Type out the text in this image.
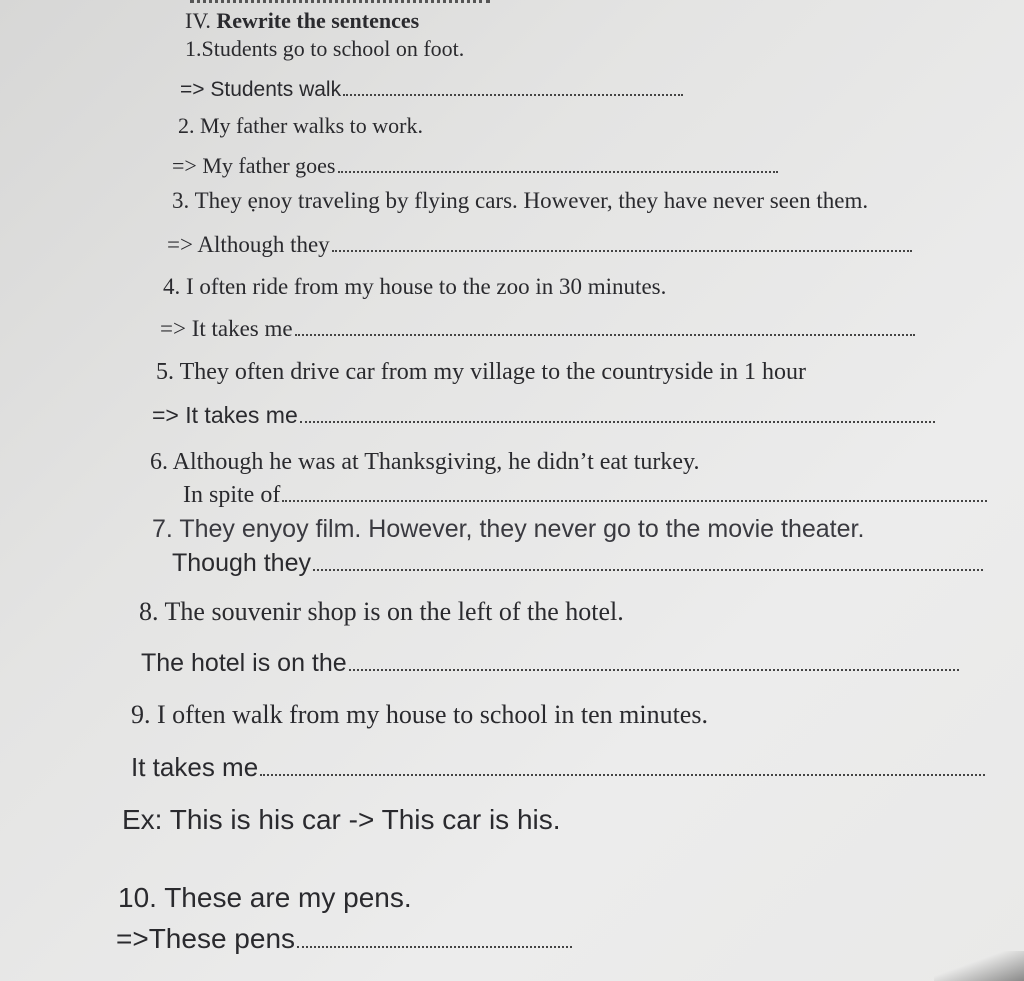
IV. Rewrite the sentences
1.Students go to school on foot.
=> Students walk
2. My father walks to work.
=> My father goes
3. They ẹnoy traveling by flying cars. However, they have never seen them.
=> Although they
4. I often ride from my house to the zoo in 30 minutes.
=> It takes me
5. They often drive car from my village to the countryside in 1 hour
=> It takes me
6. Although he was at Thanksgiving, he didn’t eat turkey.
In spite of
7. They enyoy film. However, they never go to the movie theater.
Though they
8. The souvenir shop is on the left of the hotel.
The hotel is on the
9. I often walk from my house to school in ten minutes.
It takes me
Ex: This is his car -> This car is his.
10. These are my pens.
=>These pens
